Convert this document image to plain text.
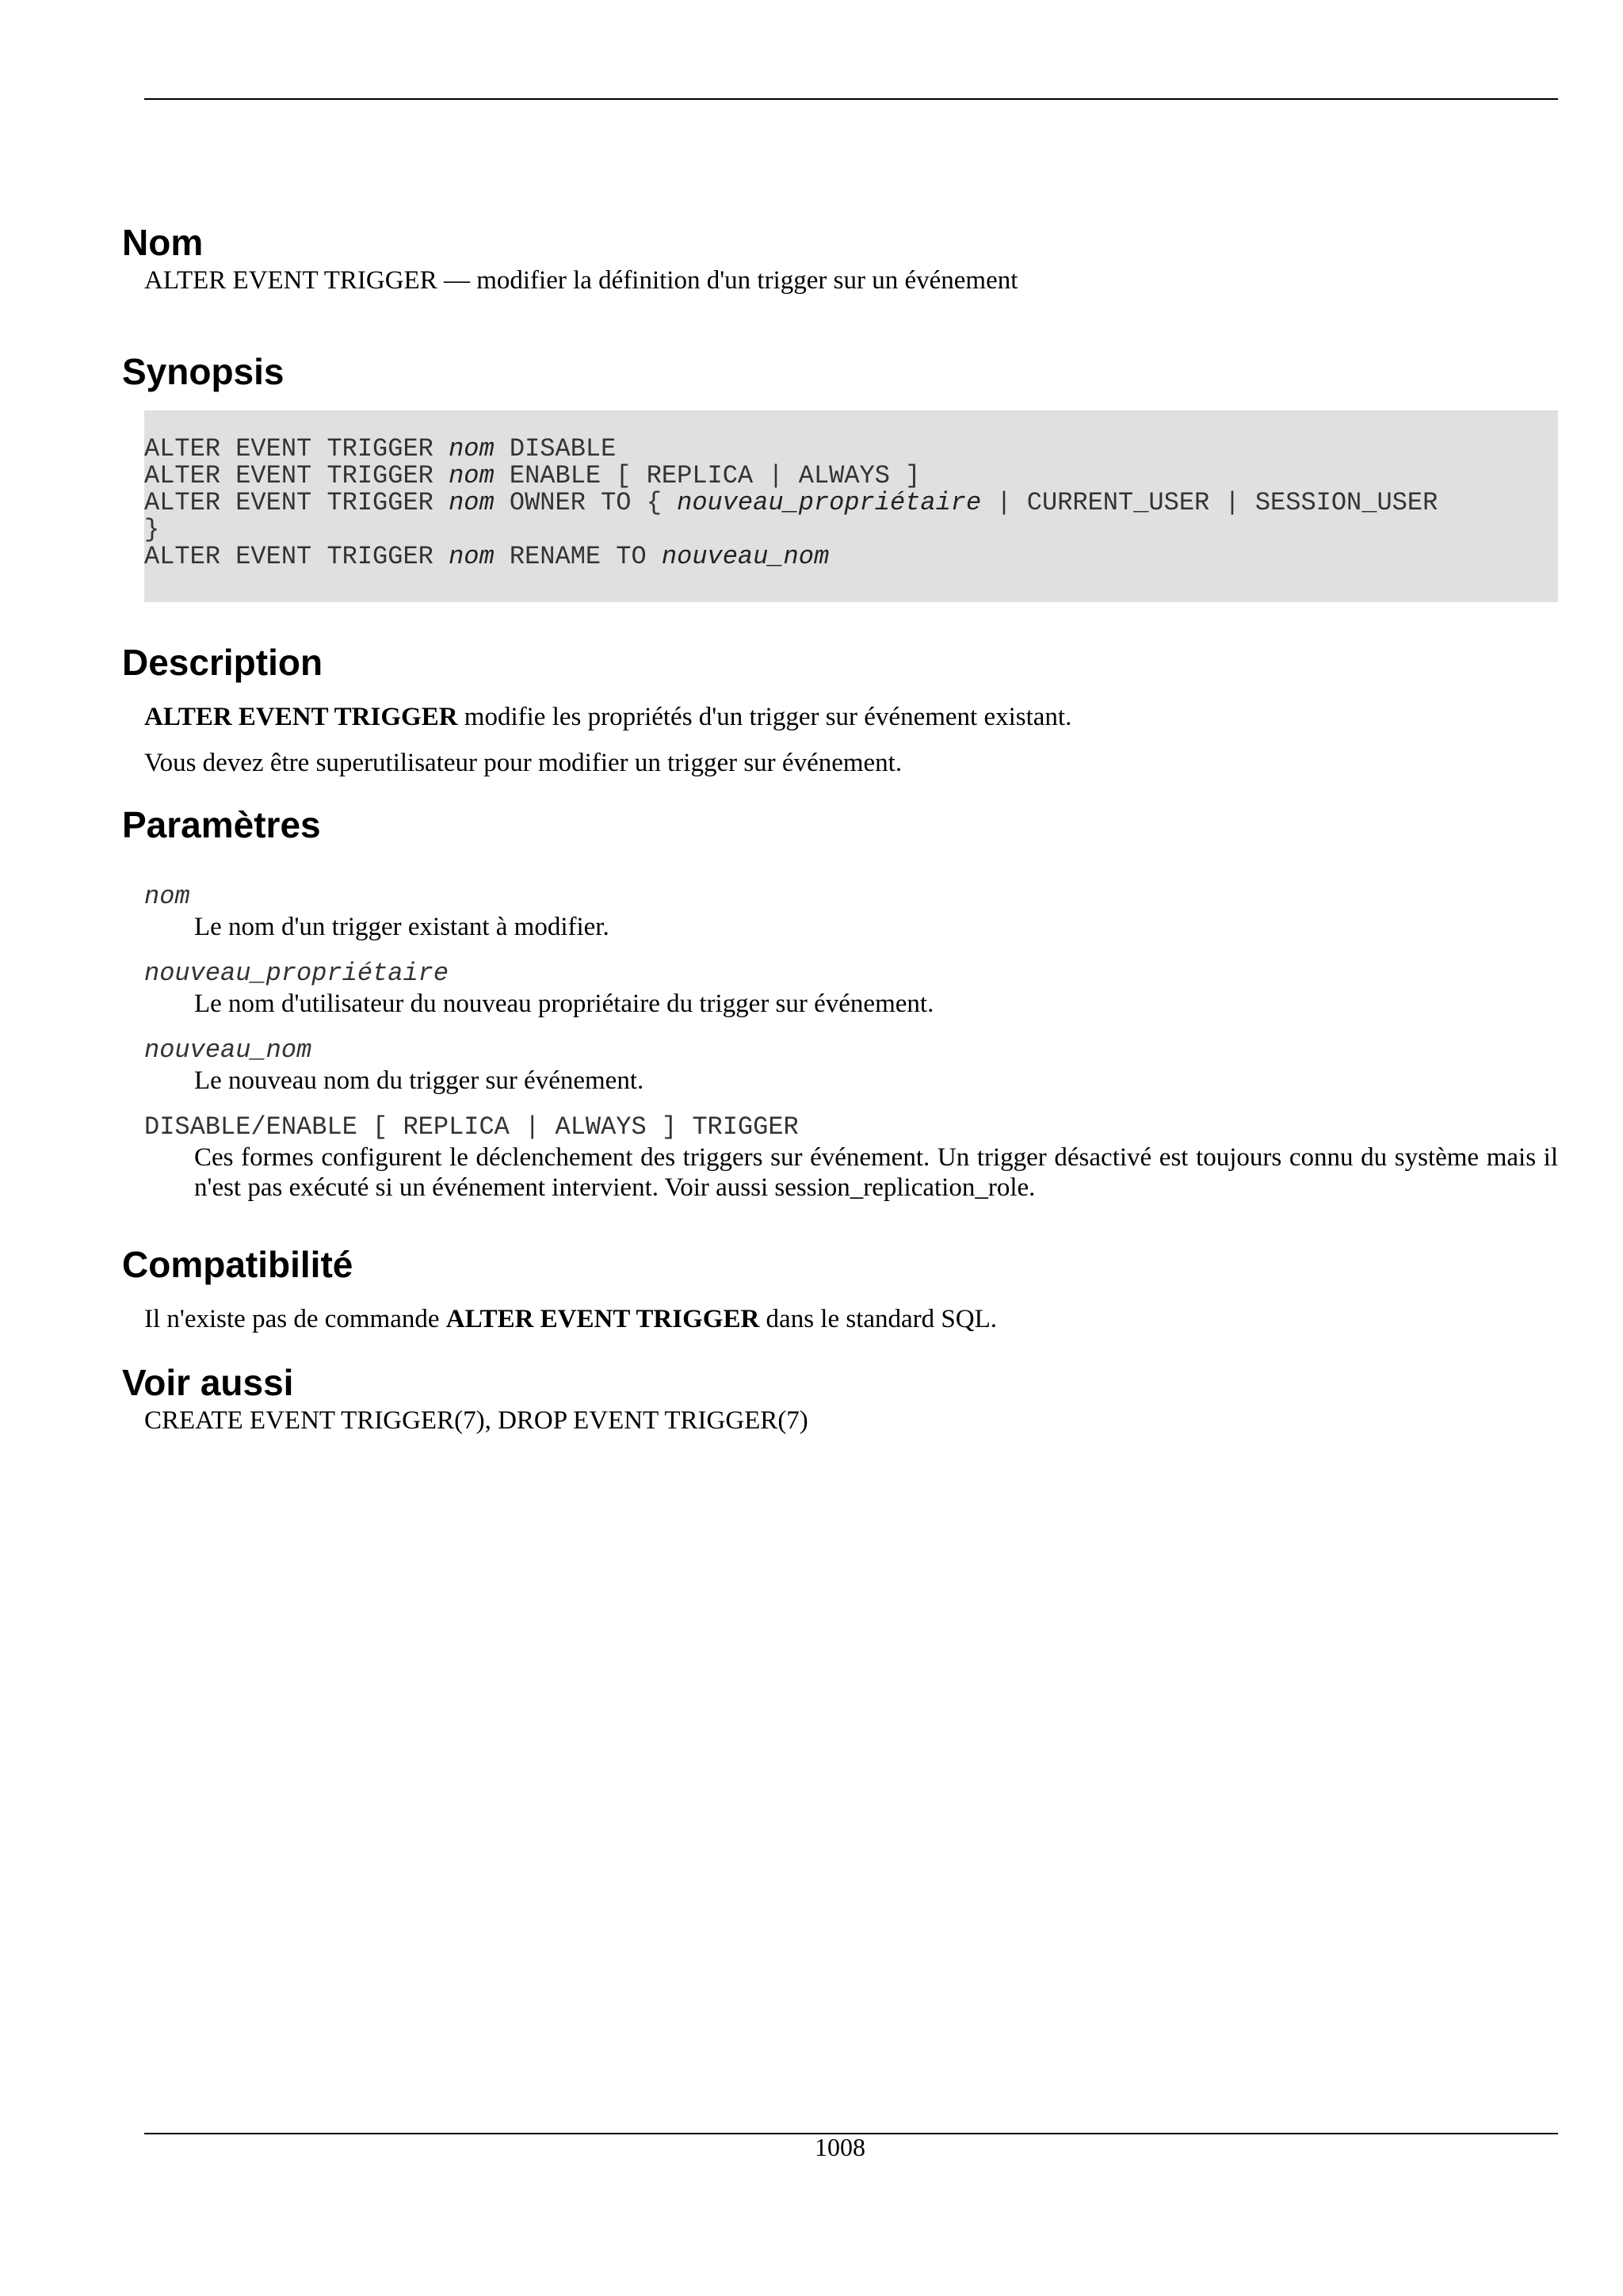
Nom

ALTER EVENT TRIGGER — modifier la définition d'un trigger sur un événement

Synopsis
ALTER EVENT TRIGGER nom DISABLE
ALTER EVENT TRIGGER nom ENABLE [ REPLICA | ALWAYS ]
ALTER EVENT TRIGGER nom OWNER TO { nouveau_propriétaire | CURRENT_USER | SESSION_USER
}
ALTER EVENT TRIGGER nom RENAME TO nouveau_nom
Description

ALTER EVENT TRIGGER modifie les propriétés d'un trigger sur événement existant.

Vous devez être superutilisateur pour modifier un trigger sur événement.

Paramètres
nom

Le nom d'un trigger existant à modifier.

nouveau_propriétaire

Le nom d'utilisateur du nouveau propriétaire du trigger sur événement.

nouveau_nom

Le nouveau nom du trigger sur événement.

DISABLE/ENABLE [ REPLICA | ALWAYS ] TRIGGER

Ces formes configurent le déclenchement des triggers sur événement. Un trigger désactivé est toujours connu du système mais il n'est pas exécuté si un événement intervient. Voir aussi session_replication_role.

Compatibilité

Il n'existe pas de commande ALTER EVENT TRIGGER dans le standard SQL.

Voir aussi

CREATE EVENT TRIGGER(7), DROP EVENT TRIGGER(7)

1008
